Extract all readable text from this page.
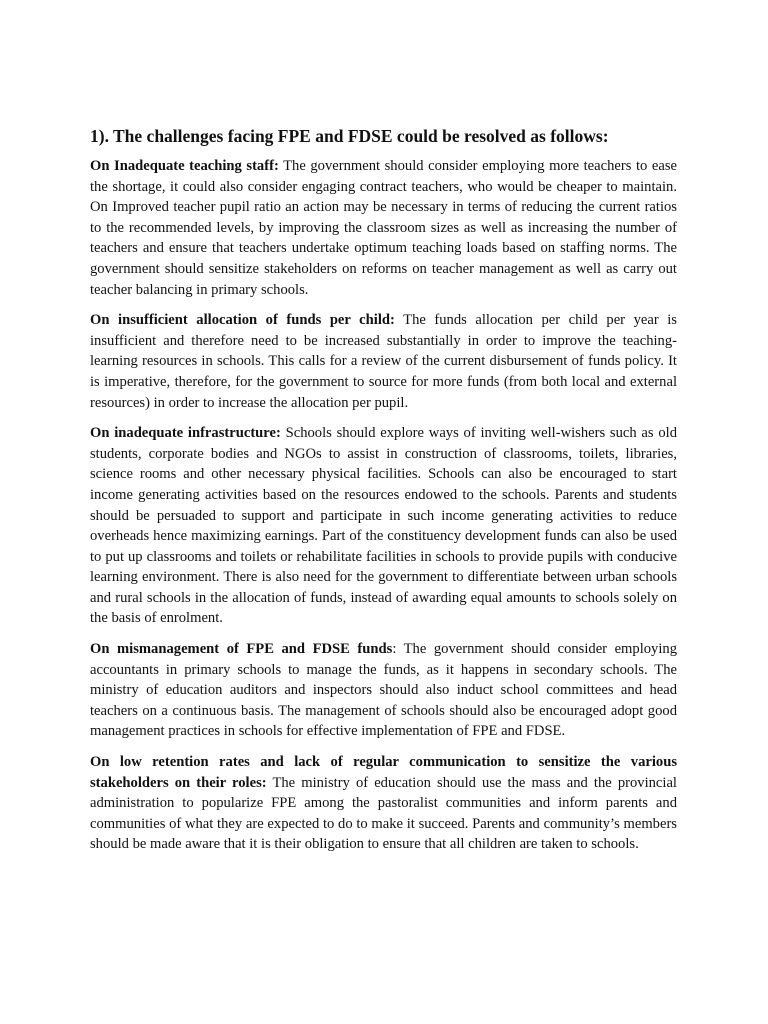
1). The challenges facing FPE and FDSE could be resolved as follows:

On Inadequate teaching staff: The government should consider employing more teachers to ease the shortage, it could also consider engaging contract teachers, who would be cheaper to maintain. On Improved teacher pupil ratio an action may be necessary in terms of reducing the current ratios to the recommended levels, by improving the classroom sizes as well as increasing the number of teachers and ensure that teachers undertake optimum teaching loads based on staffing norms. The government should sensitize stakeholders on reforms on teacher management as well as carry out teacher balancing in primary schools.

On insufficient allocation of funds per child: The funds allocation per child per year is insufficient and therefore need to be increased substantially in order to improve the teaching-learning resources in schools. This calls for a review of the current disbursement of funds policy. It is imperative, therefore, for the government to source for more funds (from both local and external resources) in order to increase the allocation per pupil.

On inadequate infrastructure: Schools should explore ways of inviting well-wishers such as old students, corporate bodies and NGOs to assist in construction of classrooms, toilets, libraries, science rooms and other necessary physical facilities. Schools can also be encouraged to start income generating activities based on the resources endowed to the schools. Parents and students should be persuaded to support and participate in such income generating activities to reduce overheads hence maximizing earnings. Part of the constituency development funds can also be used to put up classrooms and toilets or rehabilitate facilities in schools to provide pupils with conducive learning environment. There is also need for the government to differentiate between urban schools and rural schools in the allocation of funds, instead of awarding equal amounts to schools solely on the basis of enrolment.

On mismanagement of FPE and FDSE funds: The government should consider employing accountants in primary schools to manage the funds, as it happens in secondary schools. The ministry of education auditors and inspectors should also induct school committees and head teachers on a continuous basis. The management of schools should also be encouraged adopt good management practices in schools for effective implementation of FPE and FDSE.

On low retention rates and lack of regular communication to sensitize the various stakeholders on their roles: The ministry of education should use the mass and the provincial administration to popularize FPE among the pastoralist communities and inform parents and communities of what they are expected to do to make it succeed. Parents and community’s members should be made aware that it is their obligation to ensure that all children are taken to schools.
